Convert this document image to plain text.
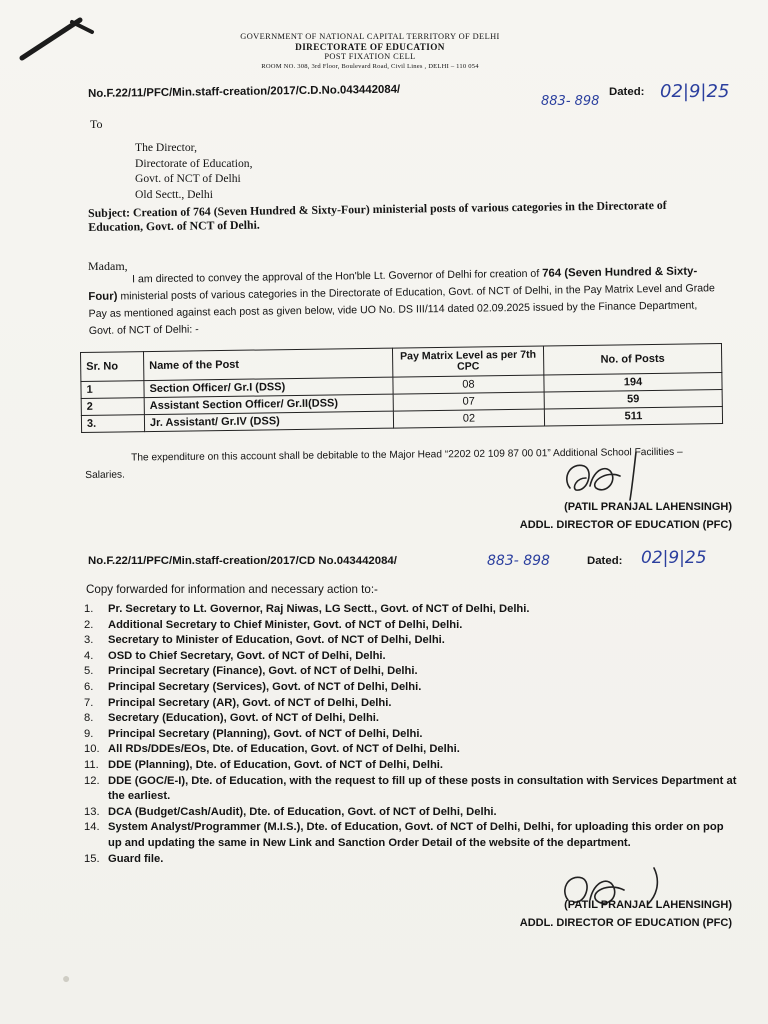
GOVERNMENT OF NATIONAL CAPITAL TERRITORY OF DELHI
DIRECTORATE OF EDUCATION
POST FIXATION CELL
ROOM NO. 308, 3rd Floor, Boulevard Road, Civil Lines , DELHI – 110 054
No.F.22/11/PFC/Min.staff-creation/2017/C.D.No.043442084/
883- 898
Dated: 02|9|25
To
The Director,
Directorate of Education,
Govt. of NCT of Delhi
Old Sectt., Delhi
Subject: Creation of 764 (Seven Hundred & Sixty-Four) ministerial posts of various categories in the Directorate of Education, Govt. of NCT of Delhi.
Madam,
I am directed to convey the approval of the Hon'ble Lt. Governor of Delhi for creation of 764 (Seven Hundred & Sixty-Four) ministerial posts of various categories in the Directorate of Education, Govt. of NCT of Delhi, in the Pay Matrix Level and Grade Pay as mentioned against each post as given below, vide UO No. DS III/114 dated 02.09.2025 issued by the Finance Department, Govt. of NCT of Delhi: -
Sr. No	Name of the Post	Pay Matrix Level as per 7th CPC	No. of Posts
1	Section Officer/ Gr.I (DSS)	08	194
2	Assistant Section Officer/ Gr.II(DSS)	07	59
3.	Jr. Assistant/ Gr.IV (DSS)	02	511
The expenditure on this account shall be debitable to the Major Head “2202 02 109 87 00 01” Additional School Facilities – Salaries.
(PATIL PRANJAL LAHENSINGH)
ADDL. DIRECTOR OF EDUCATION (PFC)
No.F.22/11/PFC/Min.staff-creation/2017/CD No.043442084/	883- 898	Dated: 02|9|25
Copy forwarded for information and necessary action to:-
1. Pr. Secretary to Lt. Governor, Raj Niwas, LG Sectt., Govt. of NCT of Delhi, Delhi.
2. Additional Secretary to Chief Minister, Govt. of NCT of Delhi, Delhi.
3. Secretary to Minister of Education, Govt. of NCT of Delhi, Delhi.
4. OSD to Chief Secretary, Govt. of NCT of Delhi, Delhi.
5. Principal Secretary (Finance), Govt. of NCT of Delhi, Delhi.
6. Principal Secretary (Services), Govt. of NCT of Delhi, Delhi.
7. Principal Secretary (AR), Govt. of NCT of Delhi, Delhi.
8. Secretary (Education), Govt. of NCT of Delhi, Delhi.
9. Principal Secretary (Planning), Govt. of NCT of Delhi, Delhi.
10. All RDs/DDEs/EOs, Dte. of Education, Govt. of NCT of Delhi, Delhi.
11. DDE (Planning), Dte. of Education, Govt. of NCT of Delhi, Delhi.
12. DDE (GOC/E-I), Dte. of Education, with the request to fill up of these posts in consultation with Services Department at the earliest.
13. DCA (Budget/Cash/Audit), Dte. of Education, Govt. of NCT of Delhi, Delhi.
14. System Analyst/Programmer (M.I.S.), Dte. of Education, Govt. of NCT of Delhi, Delhi, for uploading this order on pop up and updating the same in New Link and Sanction Order Detail of the website of the department.
15. Guard file.
(PATIL PRANJAL LAHENSINGH)
ADDL. DIRECTOR OF EDUCATION (PFC)
●
